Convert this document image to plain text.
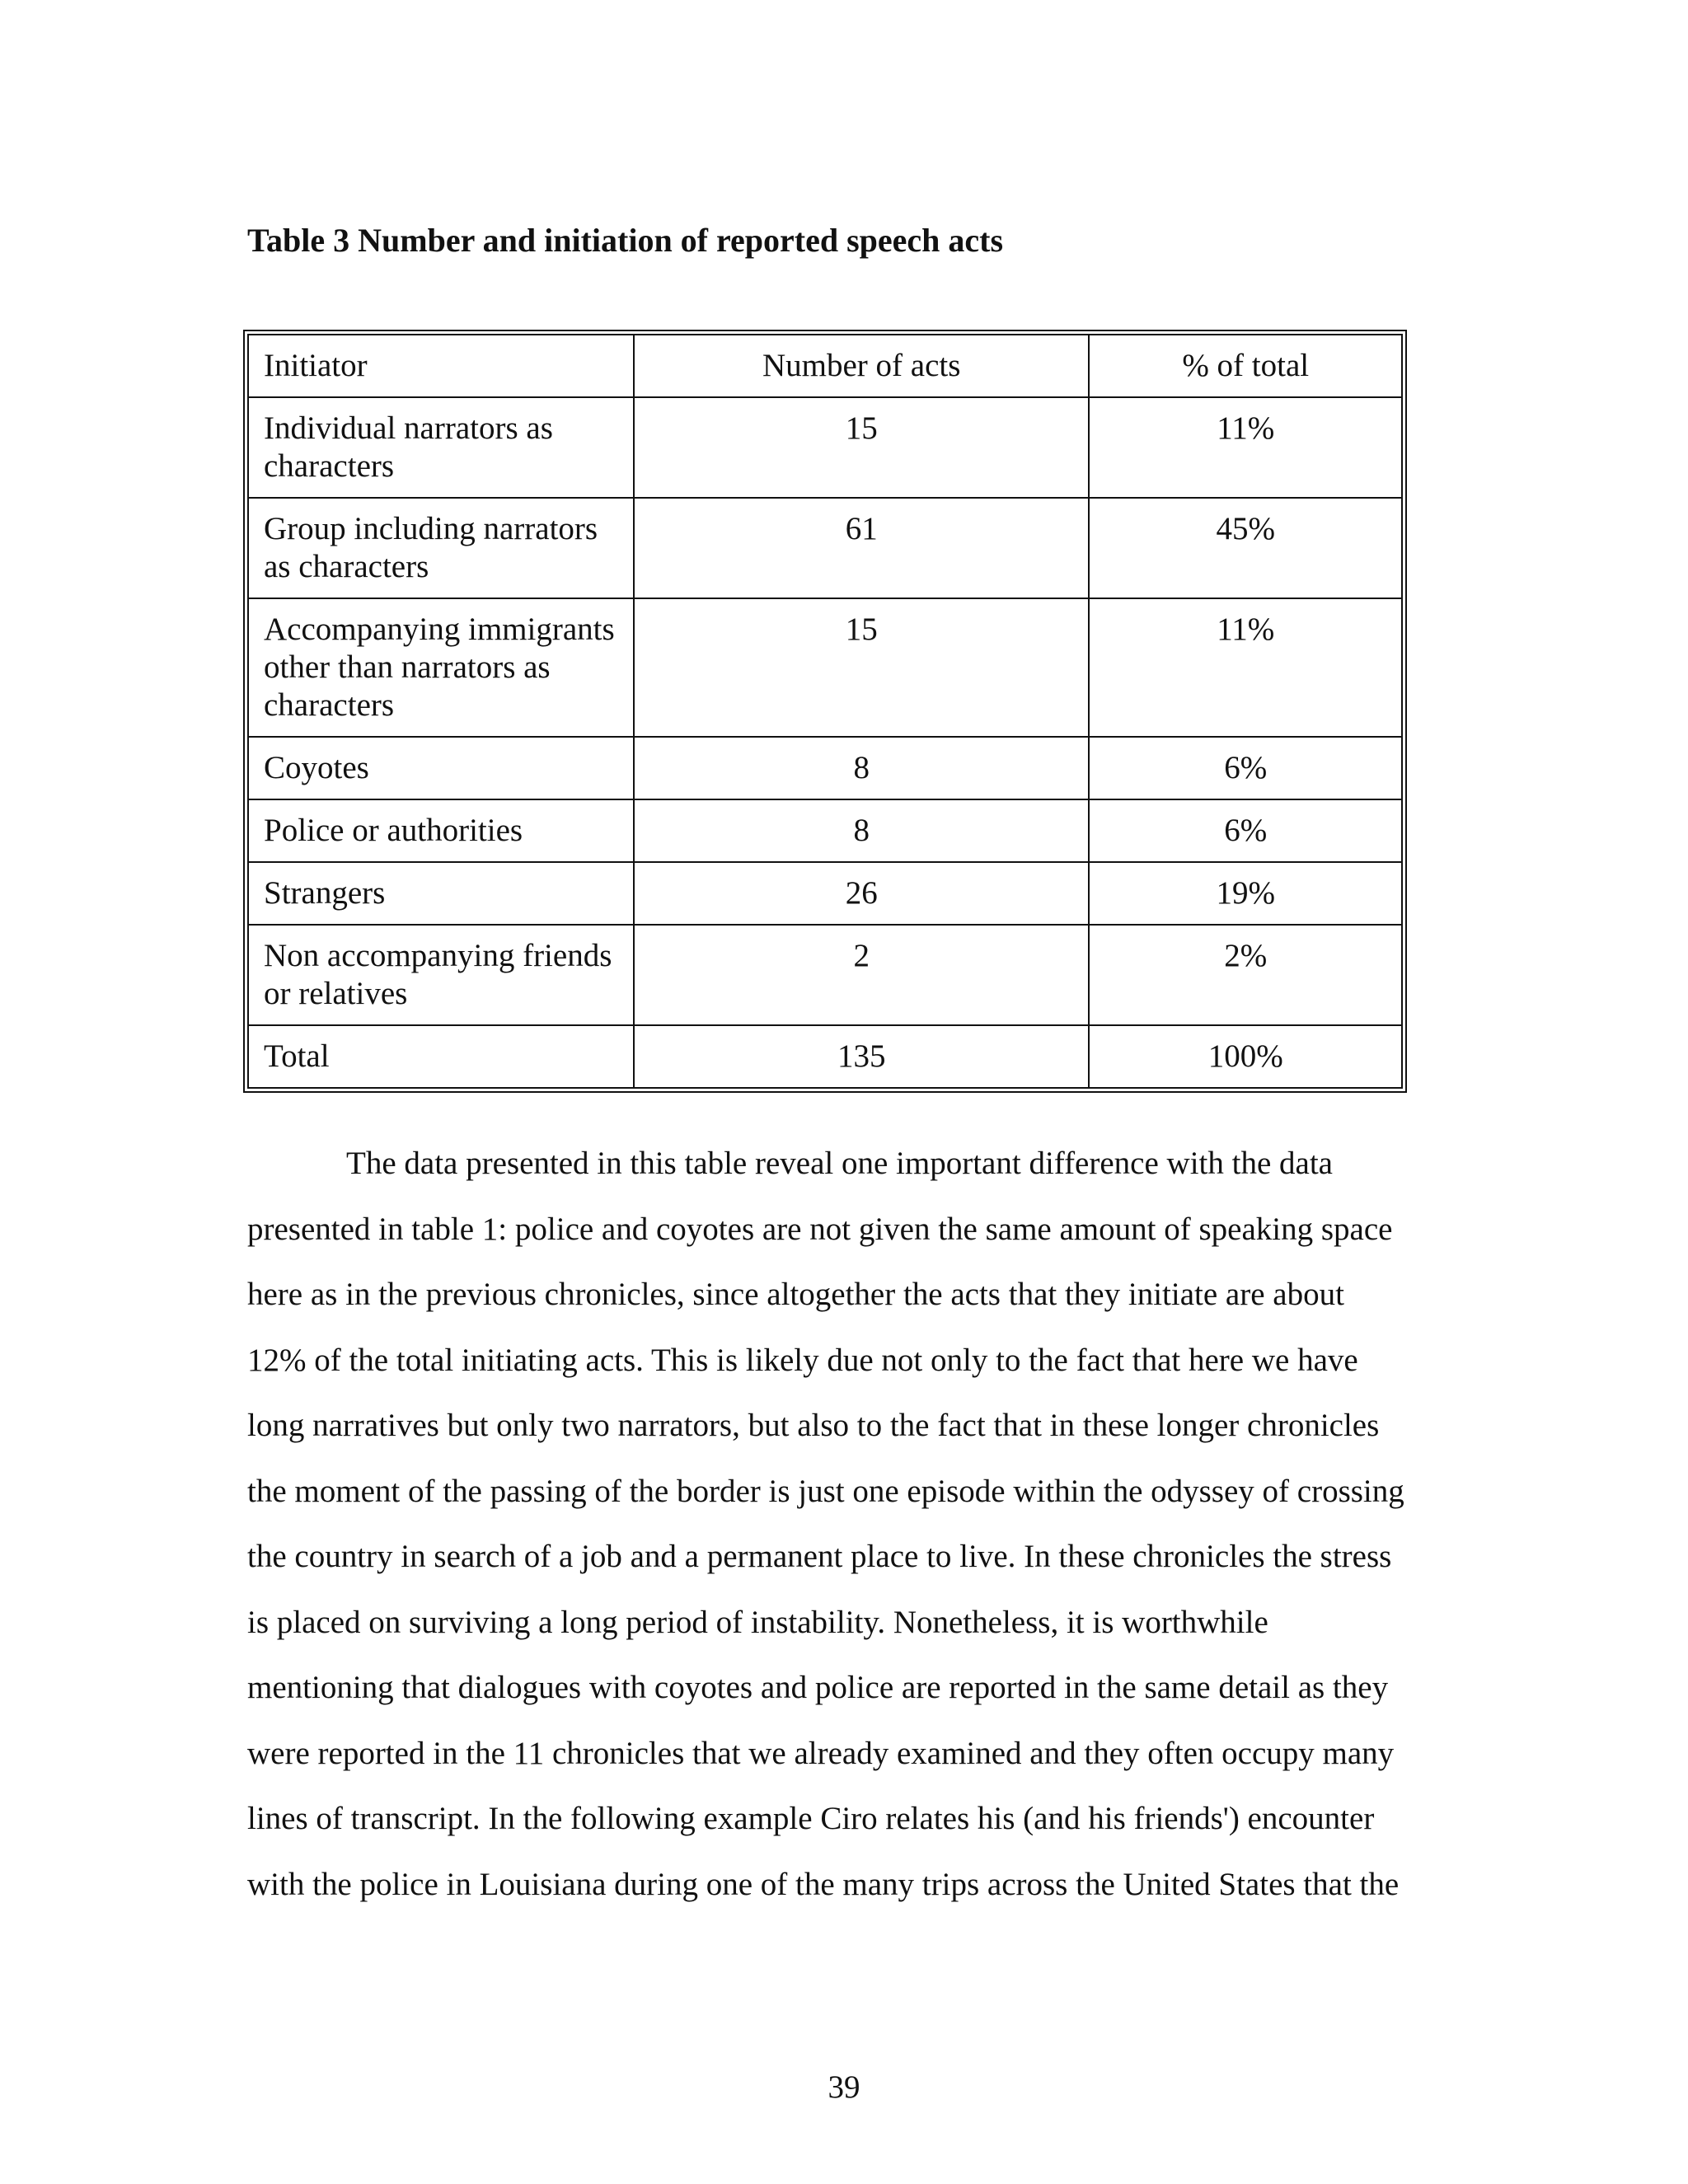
Table 3 Number and initiation of reported speech acts
Initiator	Number of acts	% of total
Individual narrators as characters	15	11%
Group including narrators as characters	61	45%
Accompanying immigrants other than narrators as characters	15	11%
Coyotes	8	6%
Police or authorities	8	6%
Strangers	26	19%
Non accompanying friends or relatives	2	2%
Total	135	100%
The data presented in this table reveal one important difference with the data
presented in table 1: police and coyotes are not given the same amount of speaking space
here as in the previous chronicles, since altogether the acts that they initiate are about
12% of the total initiating acts. This is likely due not only to the fact that here we have
long narratives but only two narrators, but also to the fact that in these longer chronicles
the moment of the passing of the border is just one episode within the odyssey of crossing
the country in search of a job and a permanent place to live. In these chronicles the stress
is placed on surviving a long period of instability. Nonetheless, it is worthwhile
mentioning that dialogues with coyotes and police are reported in the same detail as they
were reported in the 11 chronicles that we already examined and they often occupy many
lines of transcript. In the following example Ciro relates his (and his friends') encounter
with the police in Louisiana during one of the many trips across the United States that the
39
